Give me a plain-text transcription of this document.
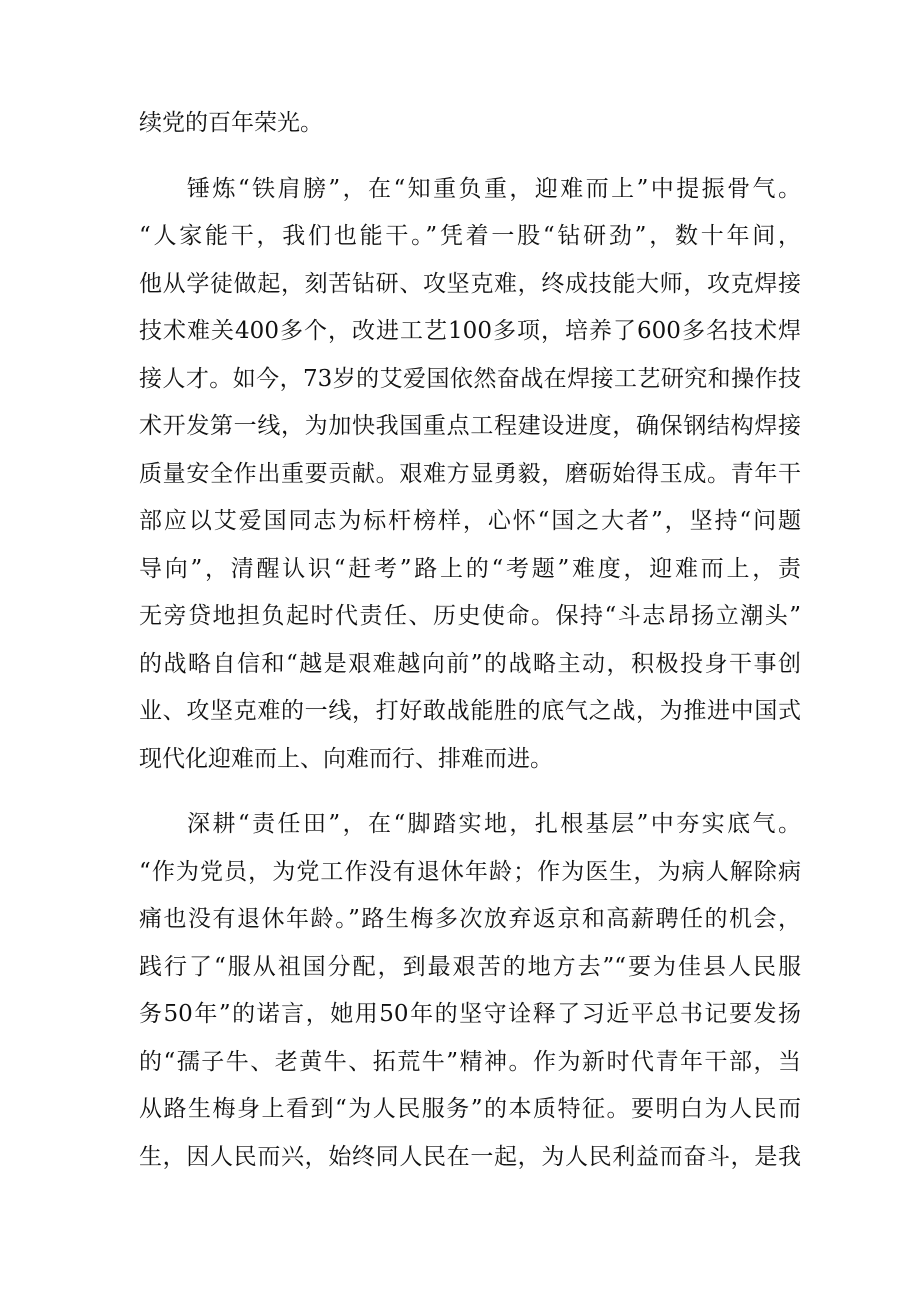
续党的百年荣光。
锤炼“铁肩膀”，在“知重负重，迎难而上”中提振骨气。
“人家能干，我们也能干。”凭着一股“钻研劲”，数十年间，
他从学徒做起，刻苦钻研、攻坚克难，终成技能大师，攻克焊接
技术难关400多个，改进工艺100多项，培养了600多名技术焊
接人才。如今，73岁的艾爱国依然奋战在焊接工艺研究和操作技
术开发第一线，为加快我国重点工程建设进度，确保钢结构焊接
质量安全作出重要贡献。艰难方显勇毅，磨砺始得玉成。青年干
部应以艾爱国同志为标杆榜样，心怀“国之大者”，坚持“问题
导向”，清醒认识“赶考”路上的“考题”难度，迎难而上，责
无旁贷地担负起时代责任、历史使命。保持“斗志昂扬立潮头”
的战略自信和“越是艰难越向前”的战略主动，积极投身干事创
业、攻坚克难的一线，打好敢战能胜的底气之战，为推进中国式
现代化迎难而上、向难而行、排难而进。
深耕“责任田”，在“脚踏实地，扎根基层”中夯实底气。
“作为党员，为党工作没有退休年龄；作为医生，为病人解除病
痛也没有退休年龄。”路生梅多次放弃返京和高薪聘任的机会，
践行了“服从祖国分配，到最艰苦的地方去”“要为佳县人民服
务50年”的诺言，她用50年的坚守诠释了习近平总书记要发扬
的“孺子牛、老黄牛、拓荒牛”精神。作为新时代青年干部，当
从路生梅身上看到“为人民服务”的本质特征。要明白为人民而
生，因人民而兴，始终同人民在一起，为人民利益而奋斗，是我
